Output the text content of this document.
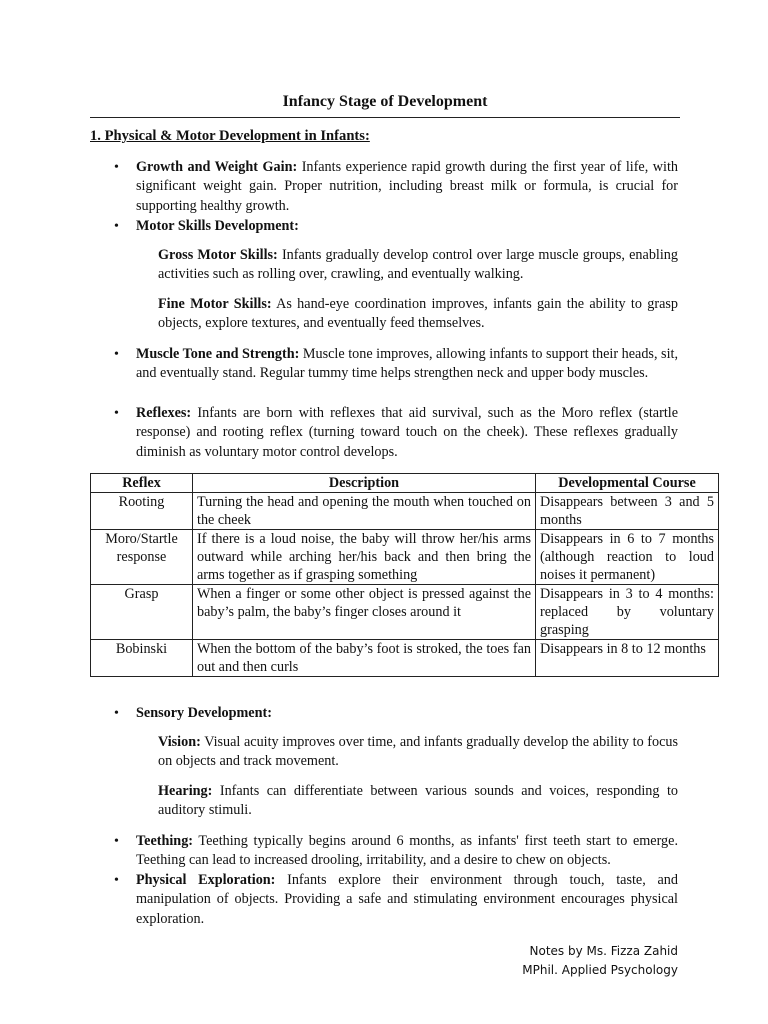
Infancy Stage of Development
1. Physical & Motor Development in Infants:
• Growth and Weight Gain: Infants experience rapid growth during the first year of life, with significant weight gain. Proper nutrition, including breast milk or formula, is crucial for supporting healthy growth.
• Motor Skills Development:
Gross Motor Skills: Infants gradually develop control over large muscle groups, enabling activities such as rolling over, crawling, and eventually walking.
Fine Motor Skills: As hand-eye coordination improves, infants gain the ability to grasp objects, explore textures, and eventually feed themselves.
• Muscle Tone and Strength: Muscle tone improves, allowing infants to support their heads, sit, and eventually stand. Regular tummy time helps strengthen neck and upper body muscles.
• Reflexes: Infants are born with reflexes that aid survival, such as the Moro reflex (startle response) and rooting reflex (turning toward touch on the cheek). These reflexes gradually diminish as voluntary motor control develops.
Reflex	Description	Developmental Course
Rooting	Turning the head and opening the mouth when touched on the cheek	Disappears between 3 and 5 months
Moro/Startle response	If there is a loud noise, the baby will throw her/his arms outward while arching her/his back and then bring the arms together as if grasping something	Disappears in 6 to 7 months (although reaction to loud noises it permanent)
Grasp	When a finger or some other object is pressed against the baby’s palm, the baby’s finger closes around it	Disappears in 3 to 4 months: replaced by voluntary grasping
Bobinski	When the bottom of the baby’s foot is stroked, the toes fan out and then curls	Disappears in 8 to 12 months
• Sensory Development:
Vision: Visual acuity improves over time, and infants gradually develop the ability to focus on objects and track movement.
Hearing: Infants can differentiate between various sounds and voices, responding to auditory stimuli.
• Teething: Teething typically begins around 6 months, as infants' first teeth start to emerge. Teething can lead to increased drooling, irritability, and a desire to chew on objects.
• Physical Exploration: Infants explore their environment through touch, taste, and manipulation of objects. Providing a safe and stimulating environment encourages physical exploration.
Notes by Ms. Fizza Zahid
MPhil. Applied Psychology
